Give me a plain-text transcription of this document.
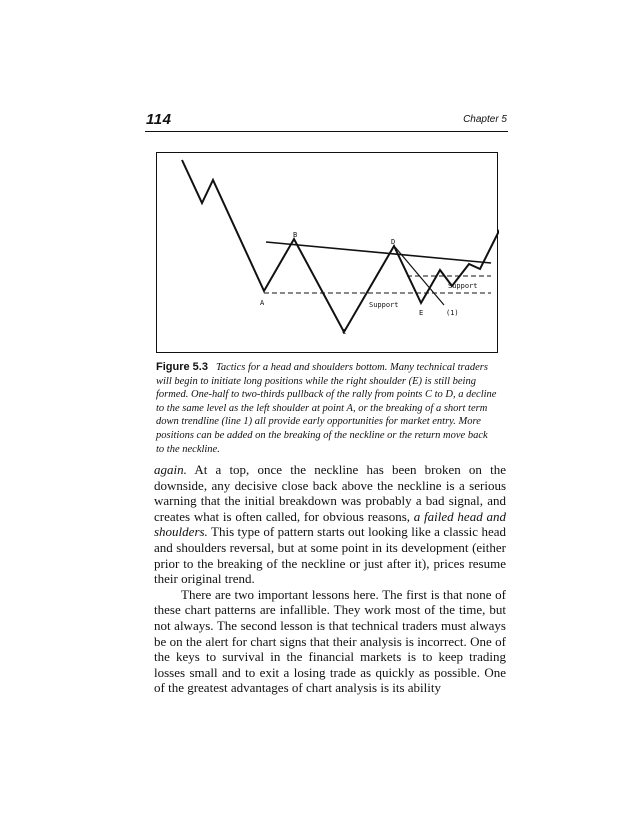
114	Chapter 5
A
B
C
D
E
Support
Support
(1)
Figure 5.3 Tactics for a head and shoulders bottom. Many technical traders will begin to initiate long positions while the right shoulder (E) is still being formed. One-half to two-thirds pullback of the rally from points C to D, a decline to the same level as the left shoulder at point A, or the breaking of a short term down trendline (line 1) all provide early opportunities for market entry. More positions can be added on the breaking of the neckline or the return move back to the neckline.

again. At a top, once the neckline has been broken on the downside, any decisive close back above the neckline is a serious warning that the initial breakdown was probably a bad signal, and creates what is often called, for obvious reasons, a failed head and shoulders. This type of pattern starts out looking like a classic head and shoulders reversal, but at some point in its development (either prior to the breaking of the neckline or just after it), prices resume their original trend.

There are two important lessons here. The first is that none of these chart patterns are infallible. They work most of the time, but not always. The second lesson is that technical traders must always be on the alert for chart signs that their analysis is incorrect. One of the keys to survival in the financial markets is to keep trading losses small and to exit a losing trade as quickly as possible. One of the greatest advantages of chart analysis is its ability
